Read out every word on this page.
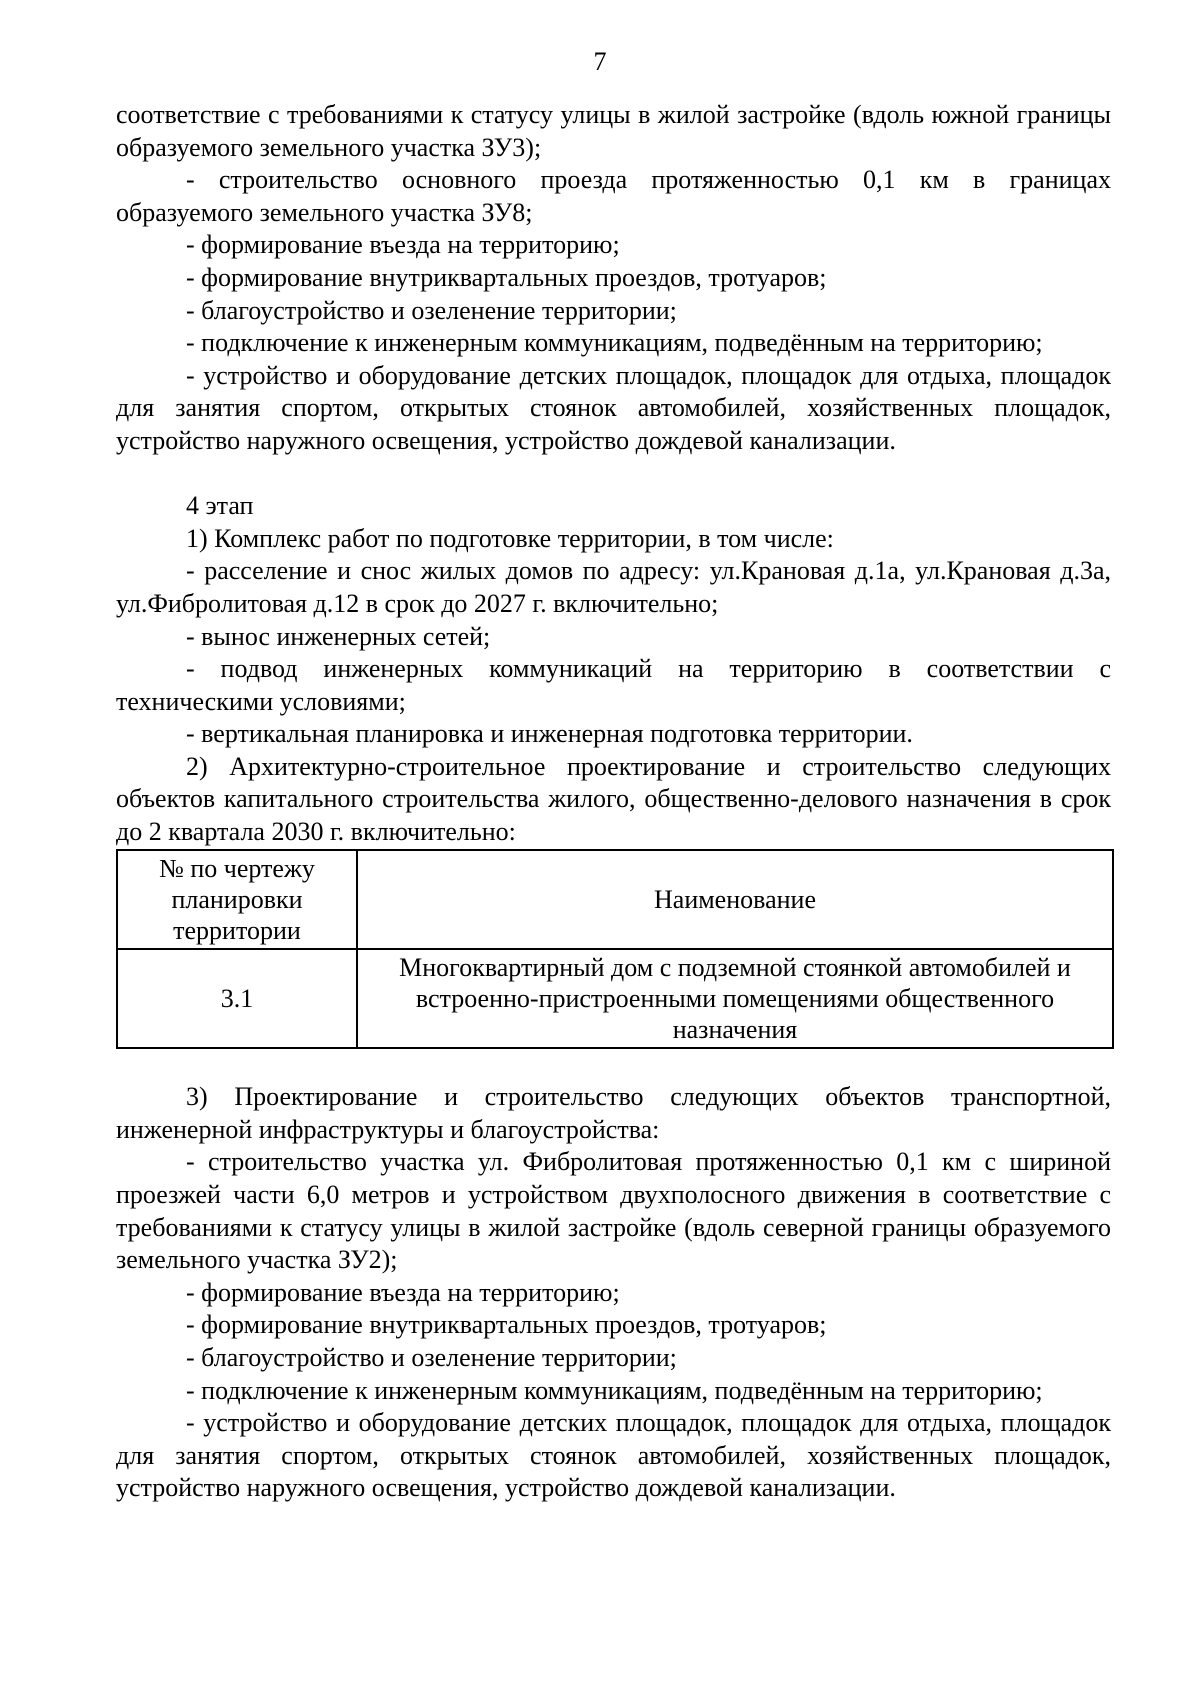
7

соответствие с требованиями к статусу улицы в жилой застройке (вдоль южной границы образуемого земельного участка ЗУ3);

- строительство основного проезда протяженностью 0,1 км в границах образуемого земельного участка ЗУ8;

- формирование въезда на территорию;

- формирование внутриквартальных проездов, тротуаров;

- благоустройство и озеленение территории;

- подключение к инженерным коммуникациям, подведённым на территорию;

- устройство и оборудование детских площадок, площадок для отдыха, площадок для занятия спортом, открытых стоянок автомобилей, хозяйственных площадок, устройство наружного освещения, устройство дождевой канализации.

4 этап

1) Комплекс работ по подготовке территории, в том числе:

- расселение и снос жилых домов по адресу: ул.Крановая д.1а, ул.Крановая д.3а, ул.Фибролитовая д.12 в срок до 2027 г. включительно;

- вынос инженерных сетей;

- подвод инженерных коммуникаций на территорию в соответствии с техническими условиями;

- вертикальная планировка и инженерная подготовка территории.

2) Архитектурно-строительное проектирование и строительство следующих объектов капитального строительства жилого, общественно-делового назначения в срок до 2 квартала 2030 г. включительно:

№ по чертежу планировки территории	Наименование
3.1	Многоквартирный дом с подземной стоянкой автомобилей и встроенно-пристроенными помещениями общественного назначения

3) Проектирование и строительство следующих объектов транспортной, инженерной инфраструктуры и благоустройства:

- строительство участка ул. Фибролитовая протяженностью 0,1 км с шириной проезжей части 6,0 метров и устройством двухполосного движения в соответствие с требованиями к статусу улицы в жилой застройке (вдоль северной границы образуемого земельного участка ЗУ2);

- формирование въезда на территорию;

- формирование внутриквартальных проездов, тротуаров;

- благоустройство и озеленение территории;

- подключение к инженерным коммуникациям, подведённым на территорию;

- устройство и оборудование детских площадок, площадок для отдыха, площадок для занятия спортом, открытых стоянок автомобилей, хозяйственных площадок, устройство наружного освещения, устройство дождевой канализации.
